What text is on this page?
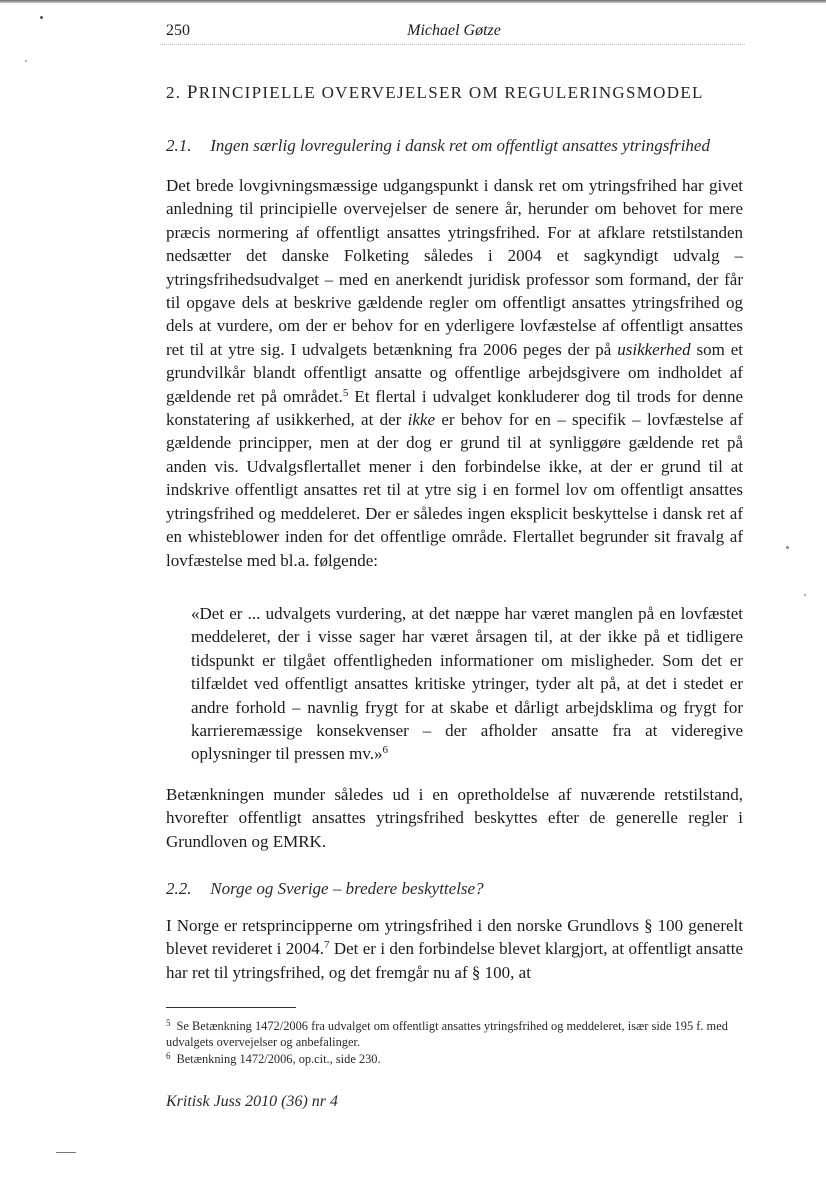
250	Michael Gøtze
2. PRINCIPIELLE OVERVEJELSER OM REGULERINGSMODEL
2.1. Ingen særlig lovregulering i dansk ret om offentligt ansattes ytringsfrihed

Det brede lovgivningsmæssige udgangspunkt i dansk ret om ytringsfrihed har givet anledning til principielle overvejelser de senere år, herunder om behovet for mere præcis normering af offentligt ansattes ytringsfrihed. For at afklare retstilstanden nedsætter det danske Folketing således i 2004 et sagkyndigt udvalg – ytringsfrihedsudvalget – med en anerkendt juridisk professor som formand, der får til opgave dels at beskrive gældende regler om offentligt ansattes ytringsfrihed og dels at vurdere, om der er behov for en yderligere lovfæstelse af offentligt ansattes ret til at ytre sig. I udvalgets betænkning fra 2006 peges der på usikkerhed som et grundvilkår blandt offentligt ansatte og offentlige arbejdsgivere om indholdet af gældende ret på området.$^5$ Et flertal i udvalget konkluderer dog til trods for denne konstatering af usikkerhed, at der ikke er behov for en – specifik – lovfæstelse af gældende principper, men at der dog er grund til at synliggøre gældende ret på anden vis. Udvalgsflertallet mener i den forbindelse ikke, at der er grund til at indskrive offentligt ansattes ret til at ytre sig i en formel lov om offentligt ansattes ytringsfrihed og meddeleret. Der er således ingen eksplicit beskyttelse i dansk ret af en whisteblower inden for det offentlige område. Flertallet begrunder sit fravalg af lovfæstelse med bl.a. følgende:

«Det er ... udvalgets vurdering, at det næppe har været manglen på en lovfæstet meddeleret, der i visse sager har været årsagen til, at der ikke på et tidligere tidspunkt er tilgået offentligheden informationer om misligheder. Som det er tilfældet ved offentligt ansattes kritiske ytringer, tyder alt på, at det i stedet er andre forhold – navnlig frygt for at skabe et dårligt arbejdsklima og frygt for karrieremæssige konsekvenser – der afholder ansatte fra at videregive oplysninger til pressen mv.»$^6$

Betænkningen munder således ud i en opretholdelse af nuværende retstilstand, hvorefter offentligt ansattes ytringsfrihed beskyttes efter de generelle regler i Grundloven og EMRK.

2.2. Norge og Sverige – bredere beskyttelse?

I Norge er retsprincipperne om ytringsfrihed i den norske Grundlovs § 100 generelt blevet revideret i 2004.$^7$ Det er i den forbindelse blevet klargjort, at offentligt ansatte har ret til ytringsfrihed, og det fremgår nu af § 100, at

$^5$ Se Betænkning 1472/2006 fra udvalget om offentligt ansattes ytringsfrihed og meddeleret, især side 195 f. med udvalgets overvejelser og anbefalinger.

$^6$ Betænkning 1472/2006, op.cit., side 230.

Kritisk Juss 2010 (36) nr 4
